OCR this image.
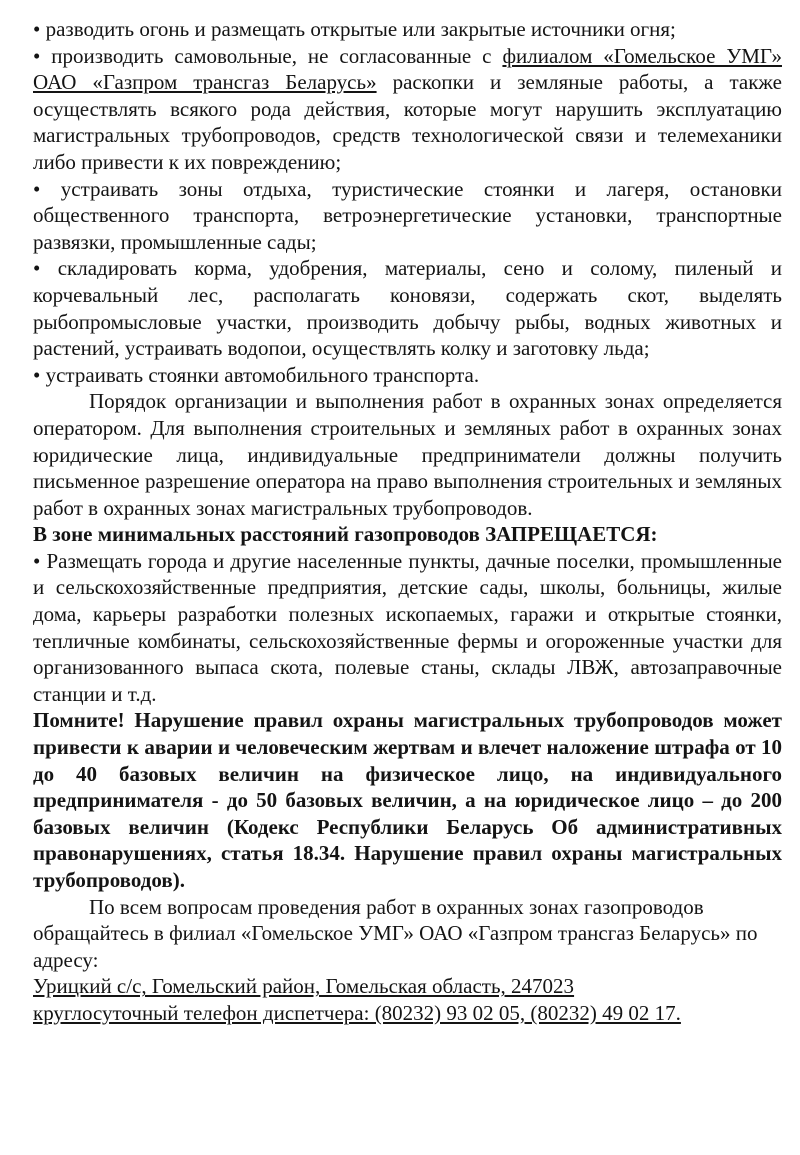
• разводить огонь и размещать открытые или закрытые источники огня;

• производить самовольные, не согласованные с филиалом «Гомельское УМГ» ОАО «Газпром трансгаз Беларусь» раскопки и земляные работы, а также осуществлять всякого рода действия, которые могут нарушить эксплуатацию магистральных трубопроводов, средств технологической связи и телемеханики либо привести к их повреждению;

• устраивать зоны отдыха, туристические стоянки и лагеря, остановки общественного транспорта, ветроэнергетические установки, транспортные развязки, промышленные сады;

• складировать корма, удобрения, материалы, сено и солому, пиленый и корчевальный лес, располагать коновязи, содержать скот, выделять рыбопромысловые участки, производить добычу рыбы, водных животных и растений, устраивать водопои, осуществлять колку и заготовку льда;

• устраивать стоянки автомобильного транспорта.

Порядок организации и выполнения работ в охранных зонах определяется оператором. Для выполнения строительных и земляных работ в охранных зонах юридические лица, индивидуальные предприниматели должны получить письменное разрешение оператора на право выполнения строительных и земляных работ в охранных зонах магистральных трубопроводов.

В зоне минимальных расстояний газопроводов ЗАПРЕЩАЕТСЯ:

• Размещать города и другие населенные пункты, дачные поселки, промышленные и сельскохозяйственные предприятия, детские сады, школы, больницы, жилые дома, карьеры разработки полезных ископаемых, гаражи и открытые стоянки, тепличные комбинаты, сельскохозяйственные фермы и огороженные участки для организованного выпаса скота, полевые станы, склады ЛВЖ, автозаправочные станции и т.д.

Помните! Нарушение правил охраны магистральных трубопроводов может привести к аварии и человеческим жертвам и влечет наложение штрафа от 10 до 40 базовых величин на физическое лицо, на индивидуального предпринимателя - до 50 базовых величин, а на юридическое лицо – до 200 базовых величин (Кодекс Республики Беларусь Об административных правонарушениях, статья 18.34. Нарушение правил охраны магистральных трубопроводов).

По всем вопросам проведения работ в охранных зонах газопроводов обращайтесь в филиал «Гомельское УМГ» ОАО «Газпром трансгаз Беларусь» по адресу:

Урицкий с/с, Гомельский район, Гомельская область, 247023

круглосуточный телефон диспетчера: (80232) 93 02 05, (80232) 49 02 17.
